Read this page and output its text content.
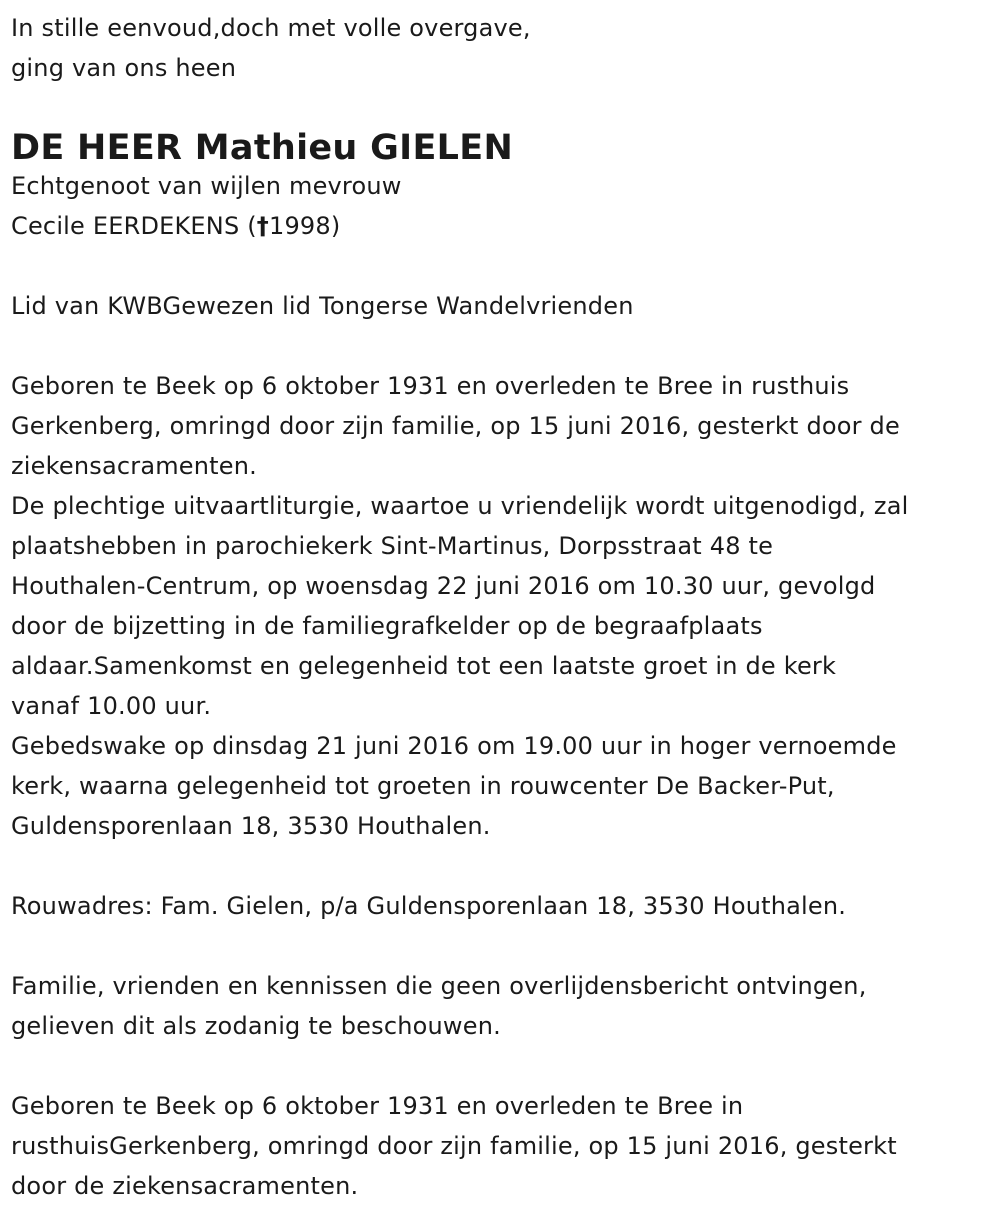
In stille eenvoud,doch met volle overgave,

ging van ons heen

DE HEER Mathieu GIELEN

Echtgenoot van wijlen mevrouw

Cecile EERDEKENS (†1998)

Lid van KWBGewezen lid Tongerse Wandelvrienden

Geboren te Beek op 6 oktober 1931 en overleden te Bree in rusthuis

Gerkenberg, omringd door zijn familie, op 15 juni 2016, gesterkt door de

ziekensacramenten.

De plechtige uitvaartliturgie, waartoe u vriendelijk wordt uitgenodigd, zal

plaatshebben in parochiekerk Sint-Martinus, Dorpsstraat 48 te

Houthalen-Centrum, op woensdag 22 juni 2016 om 10.30 uur, gevolgd

door de bijzetting in de familiegrafkelder op de begraafplaats

aldaar.Samenkomst en gelegenheid tot een laatste groet in de kerk

vanaf 10.00 uur.

Gebedswake op dinsdag 21 juni 2016 om 19.00 uur in hoger vernoemde

kerk, waarna gelegenheid tot groeten in rouwcenter De Backer-Put,

Guldensporenlaan 18, 3530 Houthalen.

Rouwadres: Fam. Gielen, p/a Guldensporenlaan 18, 3530 Houthalen.

Familie, vrienden en kennissen die geen overlijdensbericht ontvingen,

gelieven dit als zodanig te beschouwen.

Geboren te Beek op 6 oktober 1931 en overleden te Bree in

rusthuisGerkenberg, omringd door zijn familie, op 15 juni 2016, gesterkt

door de ziekensacramenten.
